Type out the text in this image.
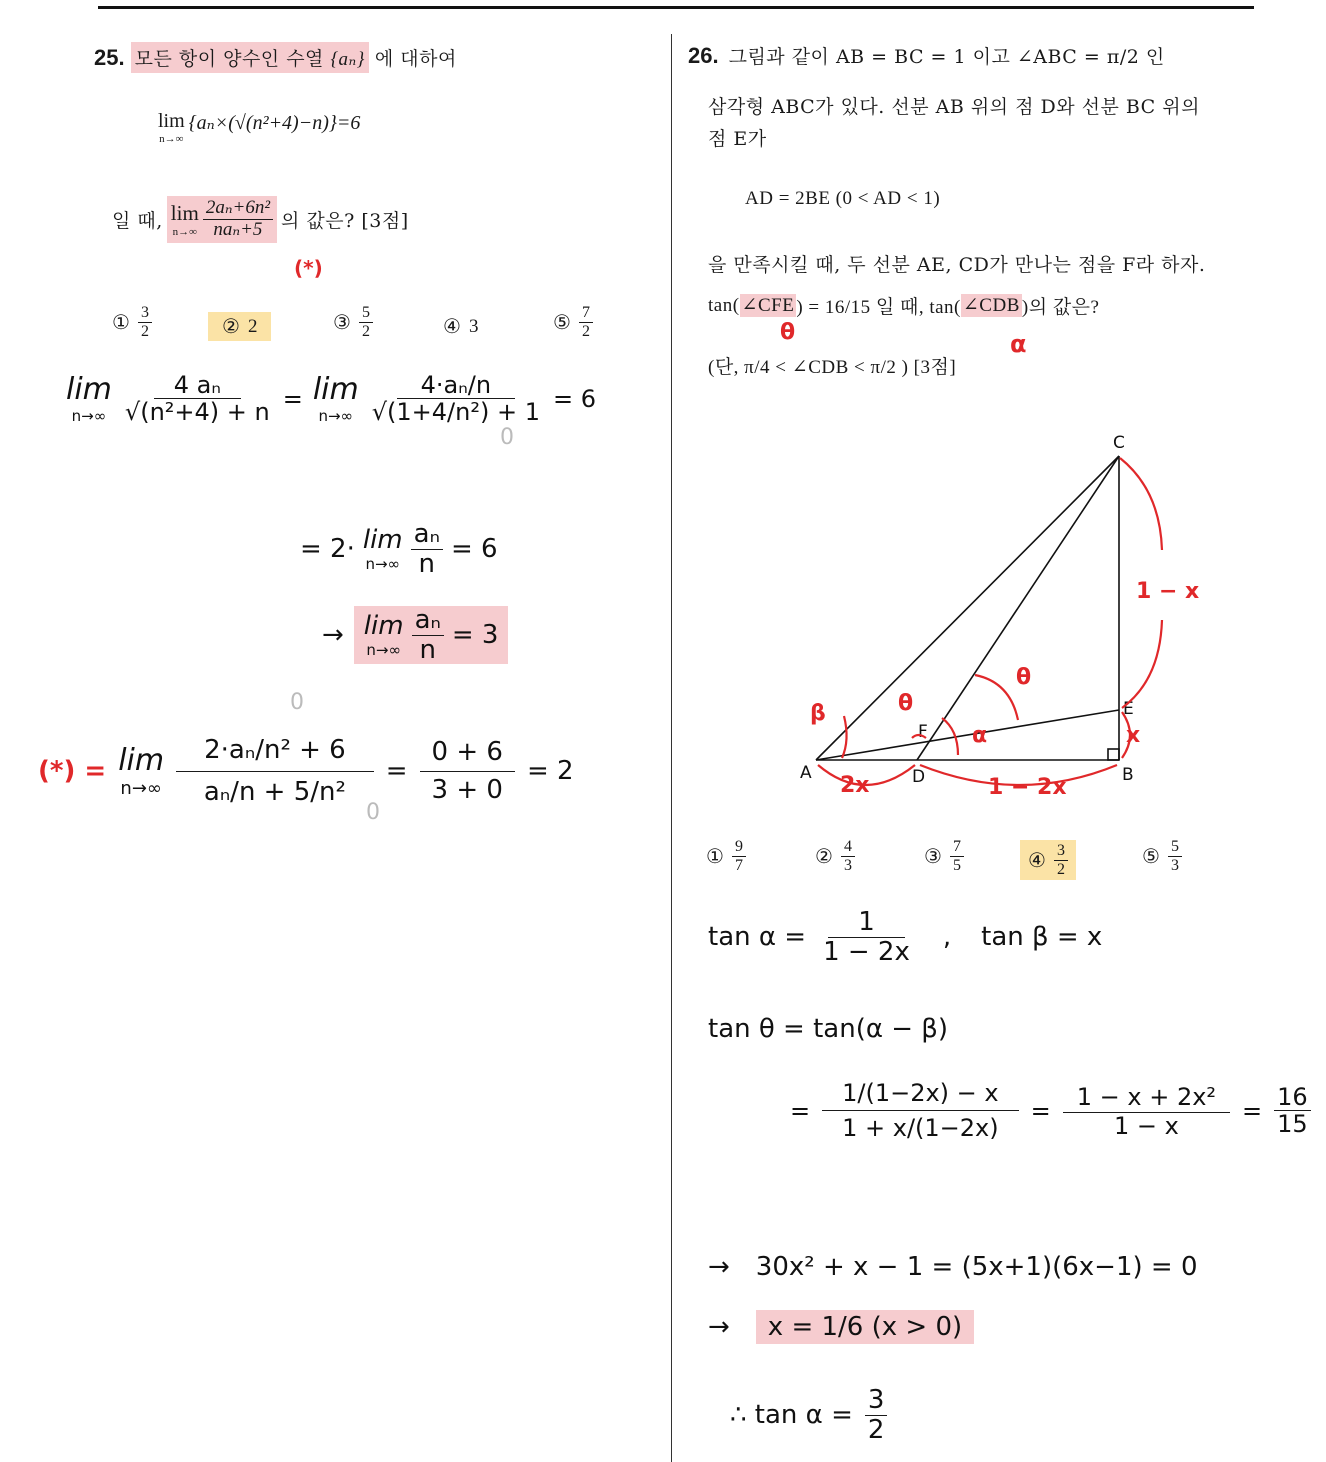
25. 모든 항이 양수인 수열 {aₙ} 에 대하여
lim
n→∞
{aₙ×(√(n²+4)−n)}=6
일 때, lim
$n\to\infty \frac{\text{2aₙ+6n²}}{\text{naₙ+5}}$ 의 값은? [3점]
(*)
① $\frac{3}{2}$	② 2	③ $\frac{5}{2}$	④ 3	⑤ $\frac{7}{2}$
lim
$n\to\infty \frac{\text{4 aₙ}}{\text{√(n²+4) + n}} = \lim$
$n\to\infty \frac{\text{4·aₙ/n}}{\text{√(1+4/n²) + 1}} = 6$
0
= 2· lim
$n\to\infty \frac{\text{aₙ}}{n} = 6$
→ lim
$n\to\infty \frac{\text{aₙ}}{n} = 3$
(*) = lim
$n\to\infty \frac{\text{2·aₙ/n² + 6}}{\text{aₙ/n + 5/n²}} = \frac{0 + 6}{3 + 0} = 2$
0
0
26. 그림과 같이 AB = BC = 1 이고 ∠ABC = π/2 인
삼각형 ABC가 있다. 선분 AB 위의 점 D와 선분 BC 위의
점 E가
AD = 2BE (0 < AD < 1)
을 만족시킬 때, 두 선분 AE, CD가 만나는 점을 F라 하자.
tan( ∠CFE ) = 16/15 일 때, tan( ∠CDB )의 값은?
θ	α
(단, π/4 < ∠CDB < π/2 ) [3점]
A	B
C
D
E
F
1 − x
x
2x	1 − 2x
θ
θ
α
β
① $\frac{9}{7}$	② $\frac{4}{3}$	③ $\frac{7}{5}$	④ $\frac{3}{2}$	⑤ $\frac{5}{3}$
$\tan \alpha = \frac{1}{1 - 2x}$ , tan β = x
tan θ = tan(α − β)
= $\frac{1/(1-2x) - x}{1 + x/(1-2x)} = \frac{\text{1 − x + 2x²}}{1 - x} = \frac{16}{15}$
→ 30x² + x − 1 = (5x+1)(6x−1) = 0
→	x = 1/6 (x > 0)
∴ $\tan \alpha = \frac{3}{2}$
